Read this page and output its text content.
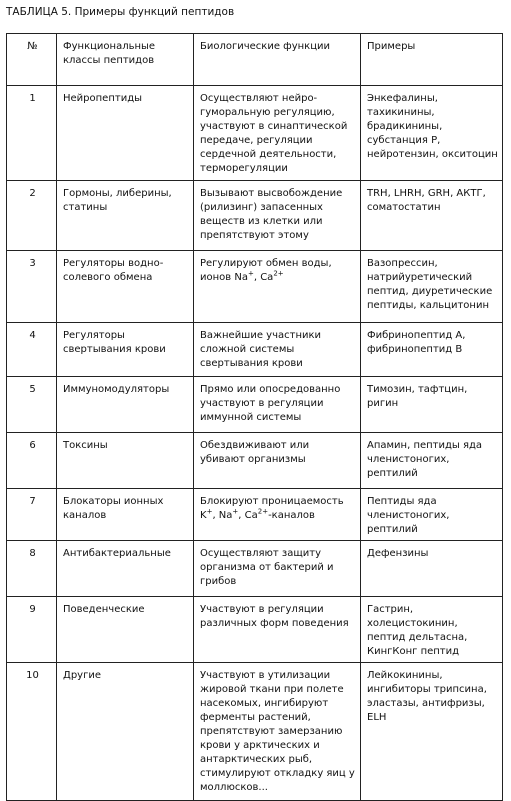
ТАБЛИЦА 5. Примеры функций пептидов
№	Функциональные классы пептидов	Биологические функции	Примеры
1	Нейропептиды	Осуществляют нейро-гуморальную регуляцию, участвуют в синаптической передаче, регуляции сердечной деятельности, терморегуляции	Энкефалины, тахикинины, брадикинины, субстанция Р, нейротензин, окситоцин
2	Гормоны, либерины, статины	Вызывают высвобождение (рилизинг) запасенных веществ из клетки или препятствуют этому	TRH, LHRH, GRH, АКТГ, соматостатин
3	Регуляторы водно-солевого обмена	Регулируют обмен воды, ионов Na+, $Ca^{2+}$	Вазопрессин, натрийуретический пептид, диуретические пептиды, кальцитонин
4	Регуляторы свертывания крови	Важнейшие участники сложной системы свертывания крови	Фибринопептид А, фибринопептид В
5	Иммуномодуляторы	Прямо или опосредованно участвуют в регуляции иммунной системы	Тимозин, тафтцин, ригин
6	Токсины	Обездвиживают или убивают организмы	Апамин, пептиды яда членистоногих, рептилий
7	Блокаторы ионных каналов	Блокируют проницаемость K+, Na+, $Ca^{2+}$-каналов	Пептиды яда членистоногих, рептилий
8	Антибактериальные	Осуществляют защиту организма от бактерий и грибов	Дефензины
9	Поведенческие	Участвуют в регуляции различных форм поведения	Гастрин, холецистокинин, пептид дельтасна, КингКонг пептид
10	Другие	Участвуют в утилизации жировой ткани при полете насекомых, ингибируют ферменты растений, препятствуют замерзанию крови у арктических и антарктических рыб, стимулируют откладку яиц у моллюсков...	Лейкокинины, ингибиторы трипсина, эластазы, антифризы, ELH
